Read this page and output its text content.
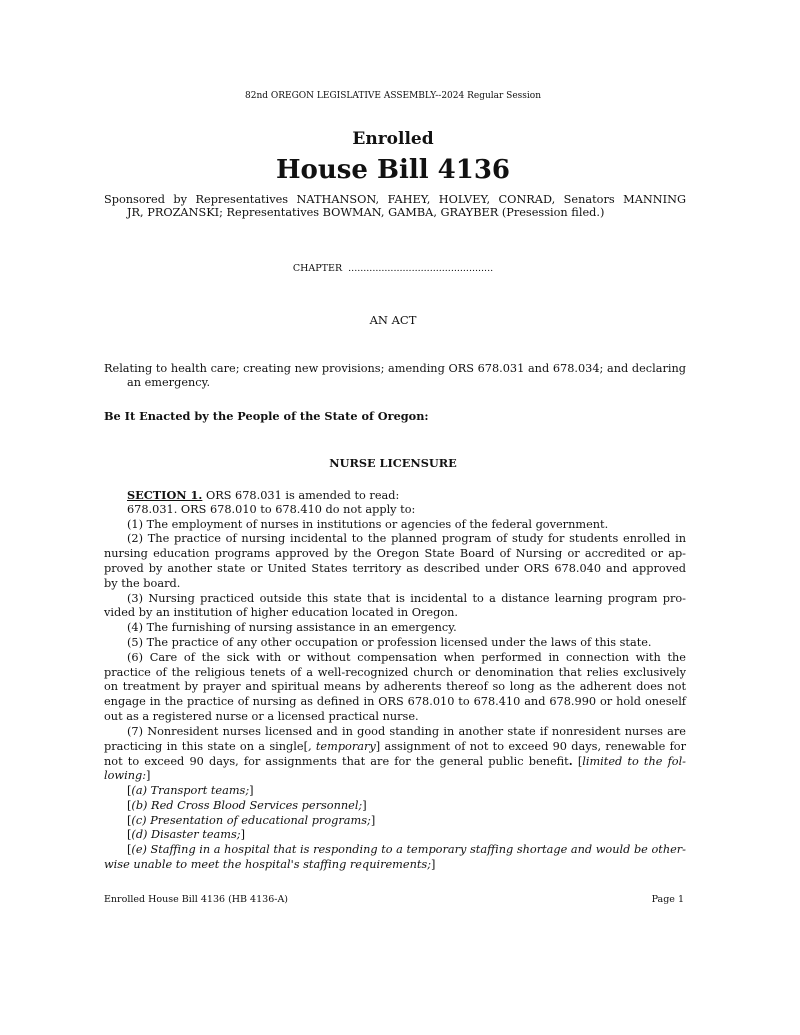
82nd OREGON LEGISLATIVE ASSEMBLY--2024 Regular Session
Enrolled
House Bill 4136
Sponsored by Representatives NATHANSON, FAHEY, HOLVEY, CONRAD, Senators MANNING
JR, PROZANSKI; Representatives BOWMAN, GAMBA, GRAYBER (Presession filed.)
CHAPTER ................................................
AN ACT
Relating to health care; creating new provisions; amending ORS 678.031 and 678.034; and declaring
an emergency.
Be It Enacted by the People of the State of Oregon:
NURSE LICENSURE
SECTION 1. ORS 678.031 is amended to read:
678.031. ORS 678.010 to 678.410 do not apply to:
(1) The employment of nurses in institutions or agencies of the federal government.
(2) The practice of nursing incidental to the planned program of study for students enrolled in
nursing education programs approved by the Oregon State Board of Nursing or accredited or ap-
proved by another state or United States territory as described under ORS 678.040 and approved
by the board.
(3) Nursing practiced outside this state that is incidental to a distance learning program pro-
vided by an institution of higher education located in Oregon.
(4) The furnishing of nursing assistance in an emergency.
(5) The practice of any other occupation or profession licensed under the laws of this state.
(6) Care of the sick with or without compensation when performed in connection with the
practice of the religious tenets of a well-recognized church or denomination that relies exclusively
on treatment by prayer and spiritual means by adherents thereof so long as the adherent does not
engage in the practice of nursing as defined in ORS 678.010 to 678.410 and 678.990 or hold oneself
out as a registered nurse or a licensed practical nurse.
(7) Nonresident nurses licensed and in good standing in another state if nonresident nurses are
practicing in this state on a single[, temporary] assignment of not to exceed 90 days, renewable for
not to exceed 90 days, for assignments that are for the general public benefit. [limited to the fol-
lowing:]
[(a) Transport teams;]
[(b) Red Cross Blood Services personnel;]
[(c) Presentation of educational programs;]
[(d) Disaster teams;]
[(e) Staffing in a hospital that is responding to a temporary staffing shortage and would be other-
wise unable to meet the hospital's staffing requirements;]
Enrolled House Bill 4136 (HB 4136-A)	Page 1
